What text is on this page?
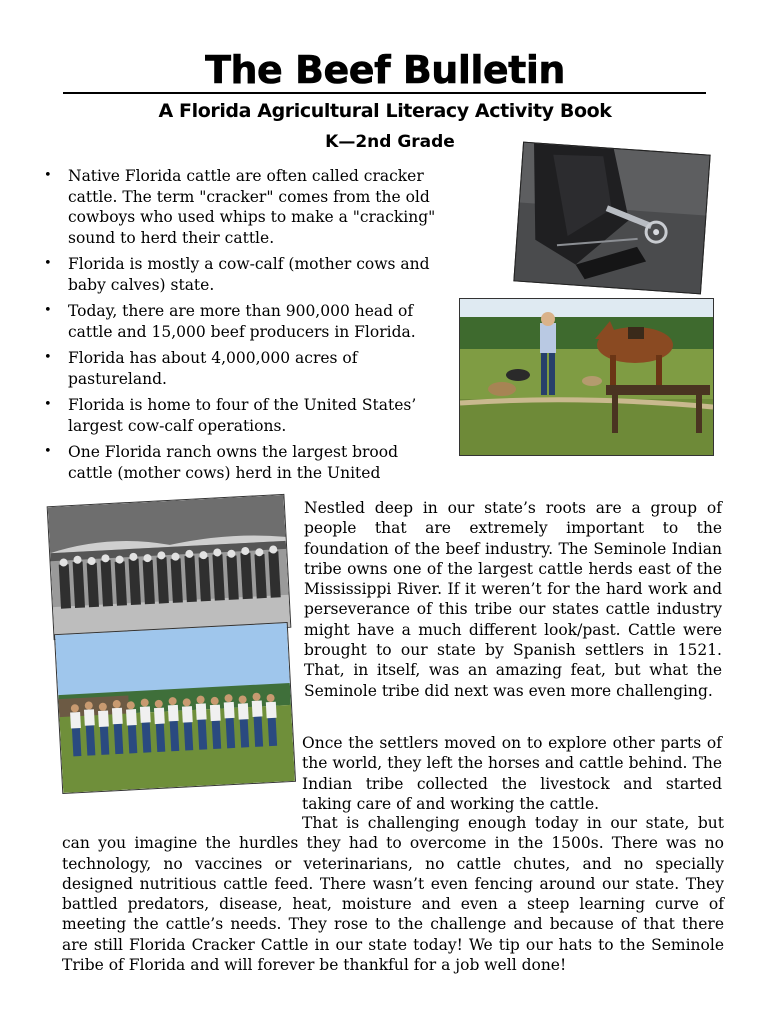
The Beef Bulletin
A Florida Agricultural Literacy Activity Book
K—2nd Grade
• Native Florida cattle are often called cracker cattle. The term "cracker" comes from the old cowboys who used whips to make a "cracking" sound to herd their cattle.
• Florida is mostly a cow-calf (mother cows and baby calves) state.
• Today, there are more than 900,000 head of cattle and 15,000 beef producers in Florida.
• Florida has about 4,000,000 acres of pastureland.
• Florida is home to four of the United States’ largest cow-calf operations.
• One Florida ranch owns the largest brood cattle (mother cows) herd in the United

Nestled deep in our state’s roots are a group of people that are extremely important to the foundation of the beef industry. The Seminole Indian tribe owns one of the largest cattle herds east of the Mississippi River. If it weren’t for the hard work and perseverance of this tribe our states cattle industry might have a much different look/past. Cattle were brought to our state by Spanish settlers in 1521. That, in itself, was an amazing feat, but what the Seminole tribe did next was even more challenging.

Once the settlers moved on to explore other parts of the world, they left the horses and cattle behind. The Indian tribe collected the livestock and started taking care of and working the cattle.

That is challenging enough today in our state, but can you imagine the hurdles they had to overcome in the 1500s. There was no technology, no vaccines or veterinarians, no cattle chutes, and no specially designed nutritious cattle feed. There wasn’t even fencing around our state. They battled predators, disease, heat, moisture and even a steep learning curve of meeting the cattle’s needs. They rose to the challenge and because of that there are still Florida Cracker Cattle in our state today! We tip our hats to the Seminole Tribe of Florida and will forever be thankful for a job well done!
